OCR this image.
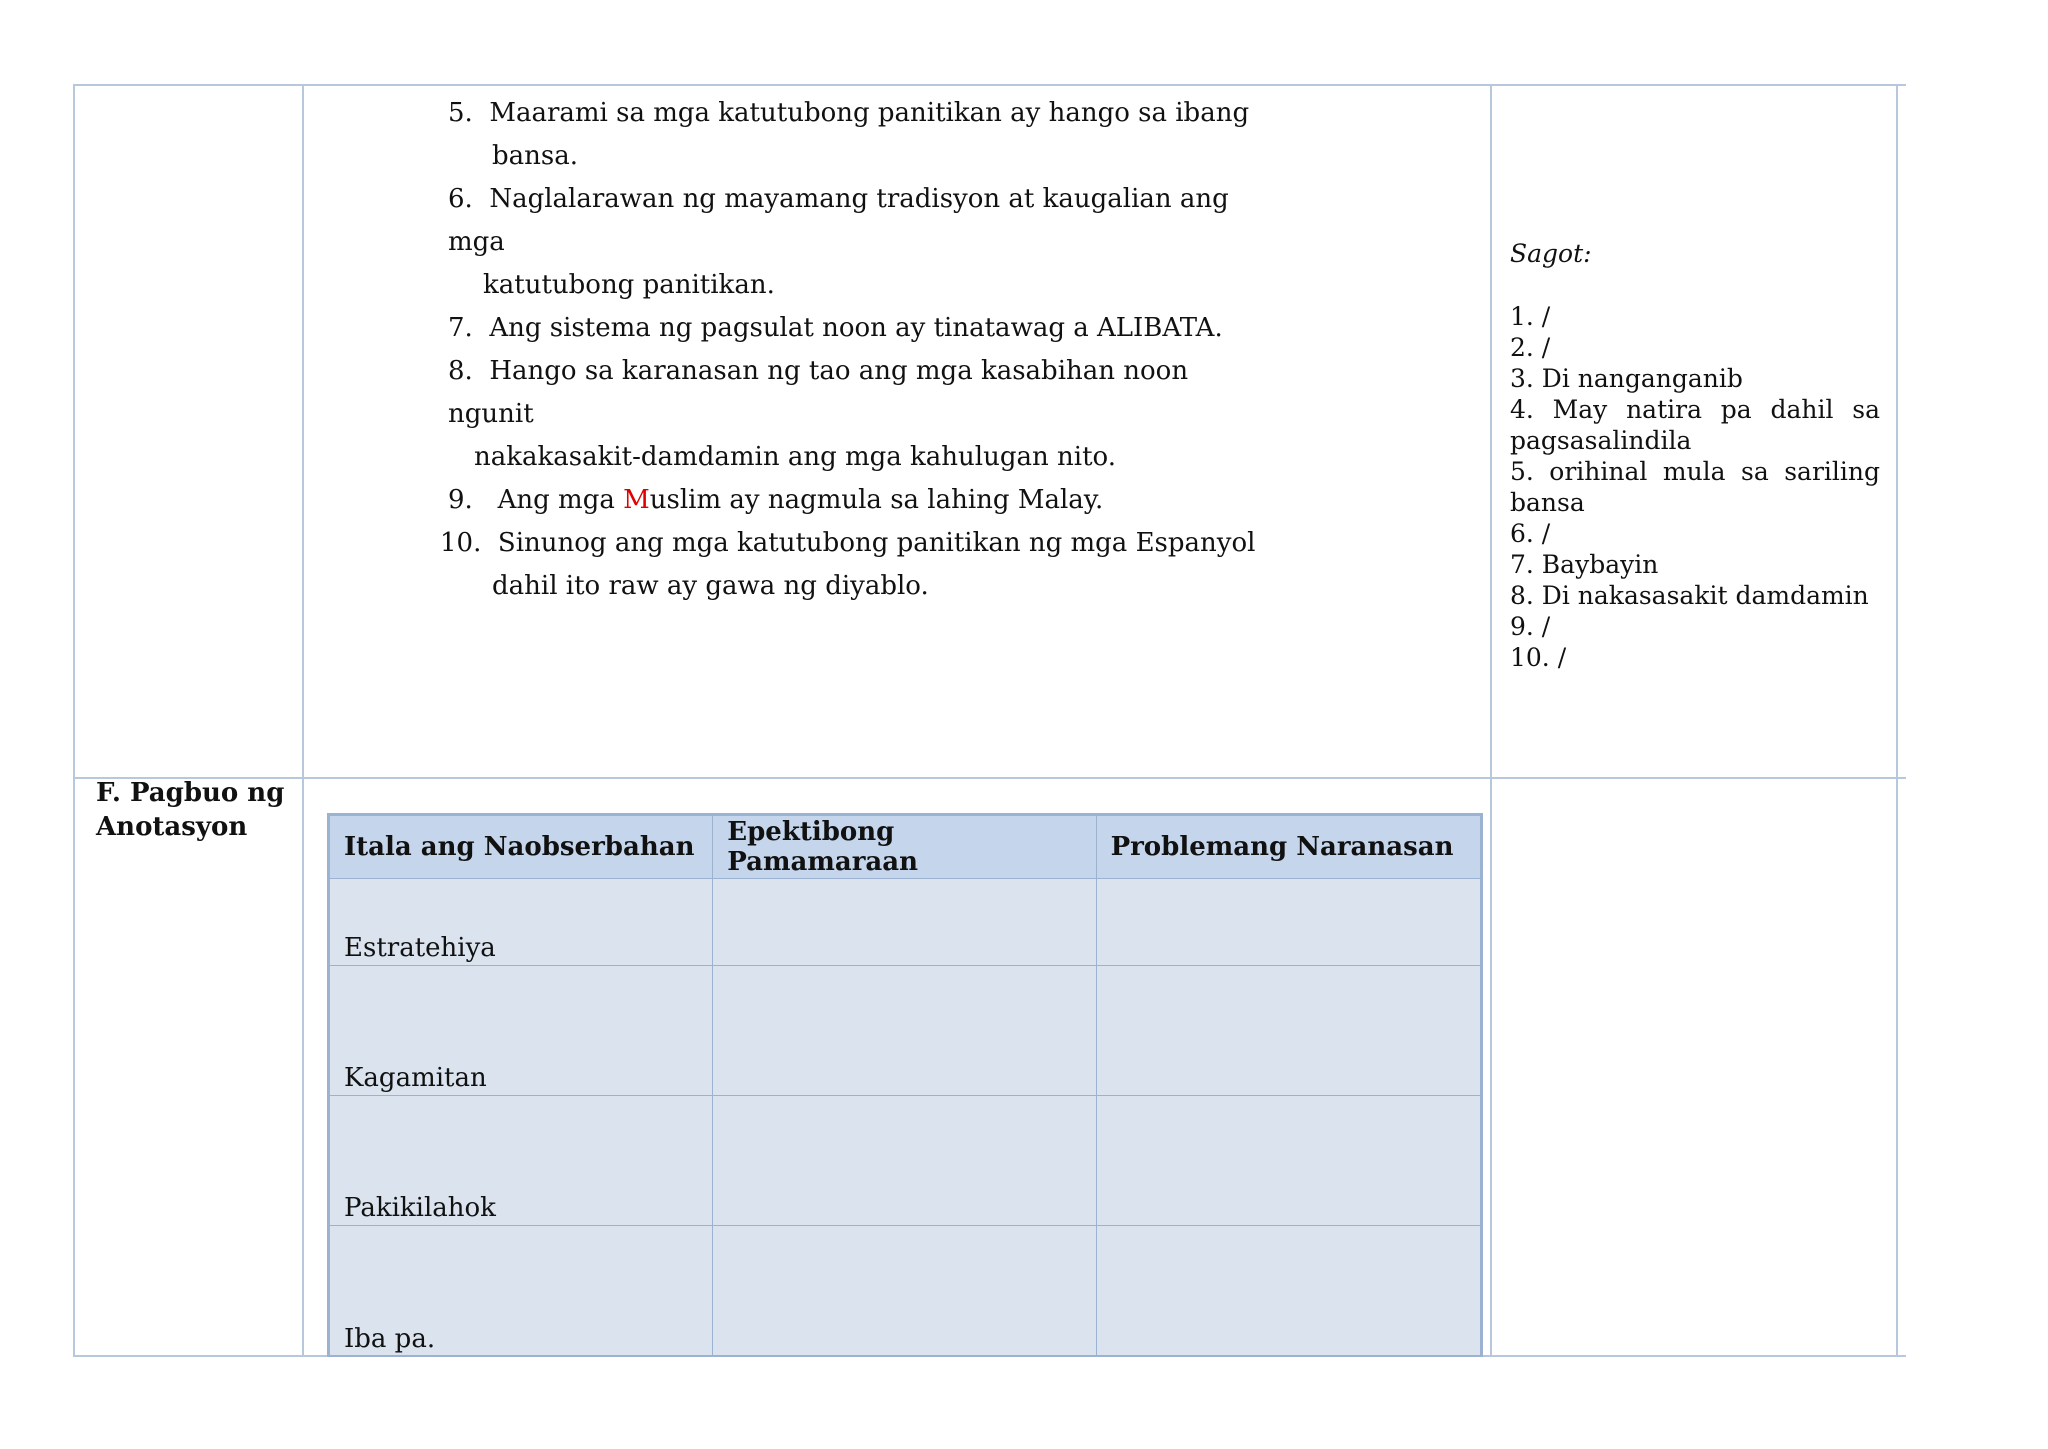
5. Maarami sa mga katutubong panitikan ay hango sa ibang
bansa.
6. Naglalarawan ng mayamang tradisyon at kaugalian ang mga
katutubong panitikan.
7. Ang sistema ng pagsulat noon ay tinatawag a ALIBATA.
8. Hango sa karanasan ng tao ang mga kasabihan noon ngunit
nakakasakit-damdamin ang mga kahulugan nito.
9. Ang mga Muslim ay nagmula sa lahing Malay.
10. Sinunog ang mga katutubong panitikan ng mga Espanyol
dahil ito raw ay gawa ng diyablo.
Sagot:
1. /
2. /
3. Di nanganganib
4. May natira pa dahil sa pagsasalindila
5. orihinal mula sa sariling bansa
6. /
7. Baybayin
8. Di nakasasakit damdamin
9. /
10. /
F. Pagbuo ng
Anotasyon
Itala ang Naobserbahan	Epektibong Pamamaraan	Problemang Naranasan
Estratehiya		
Kagamitan		
Pakikilahok		
Iba pa.		
